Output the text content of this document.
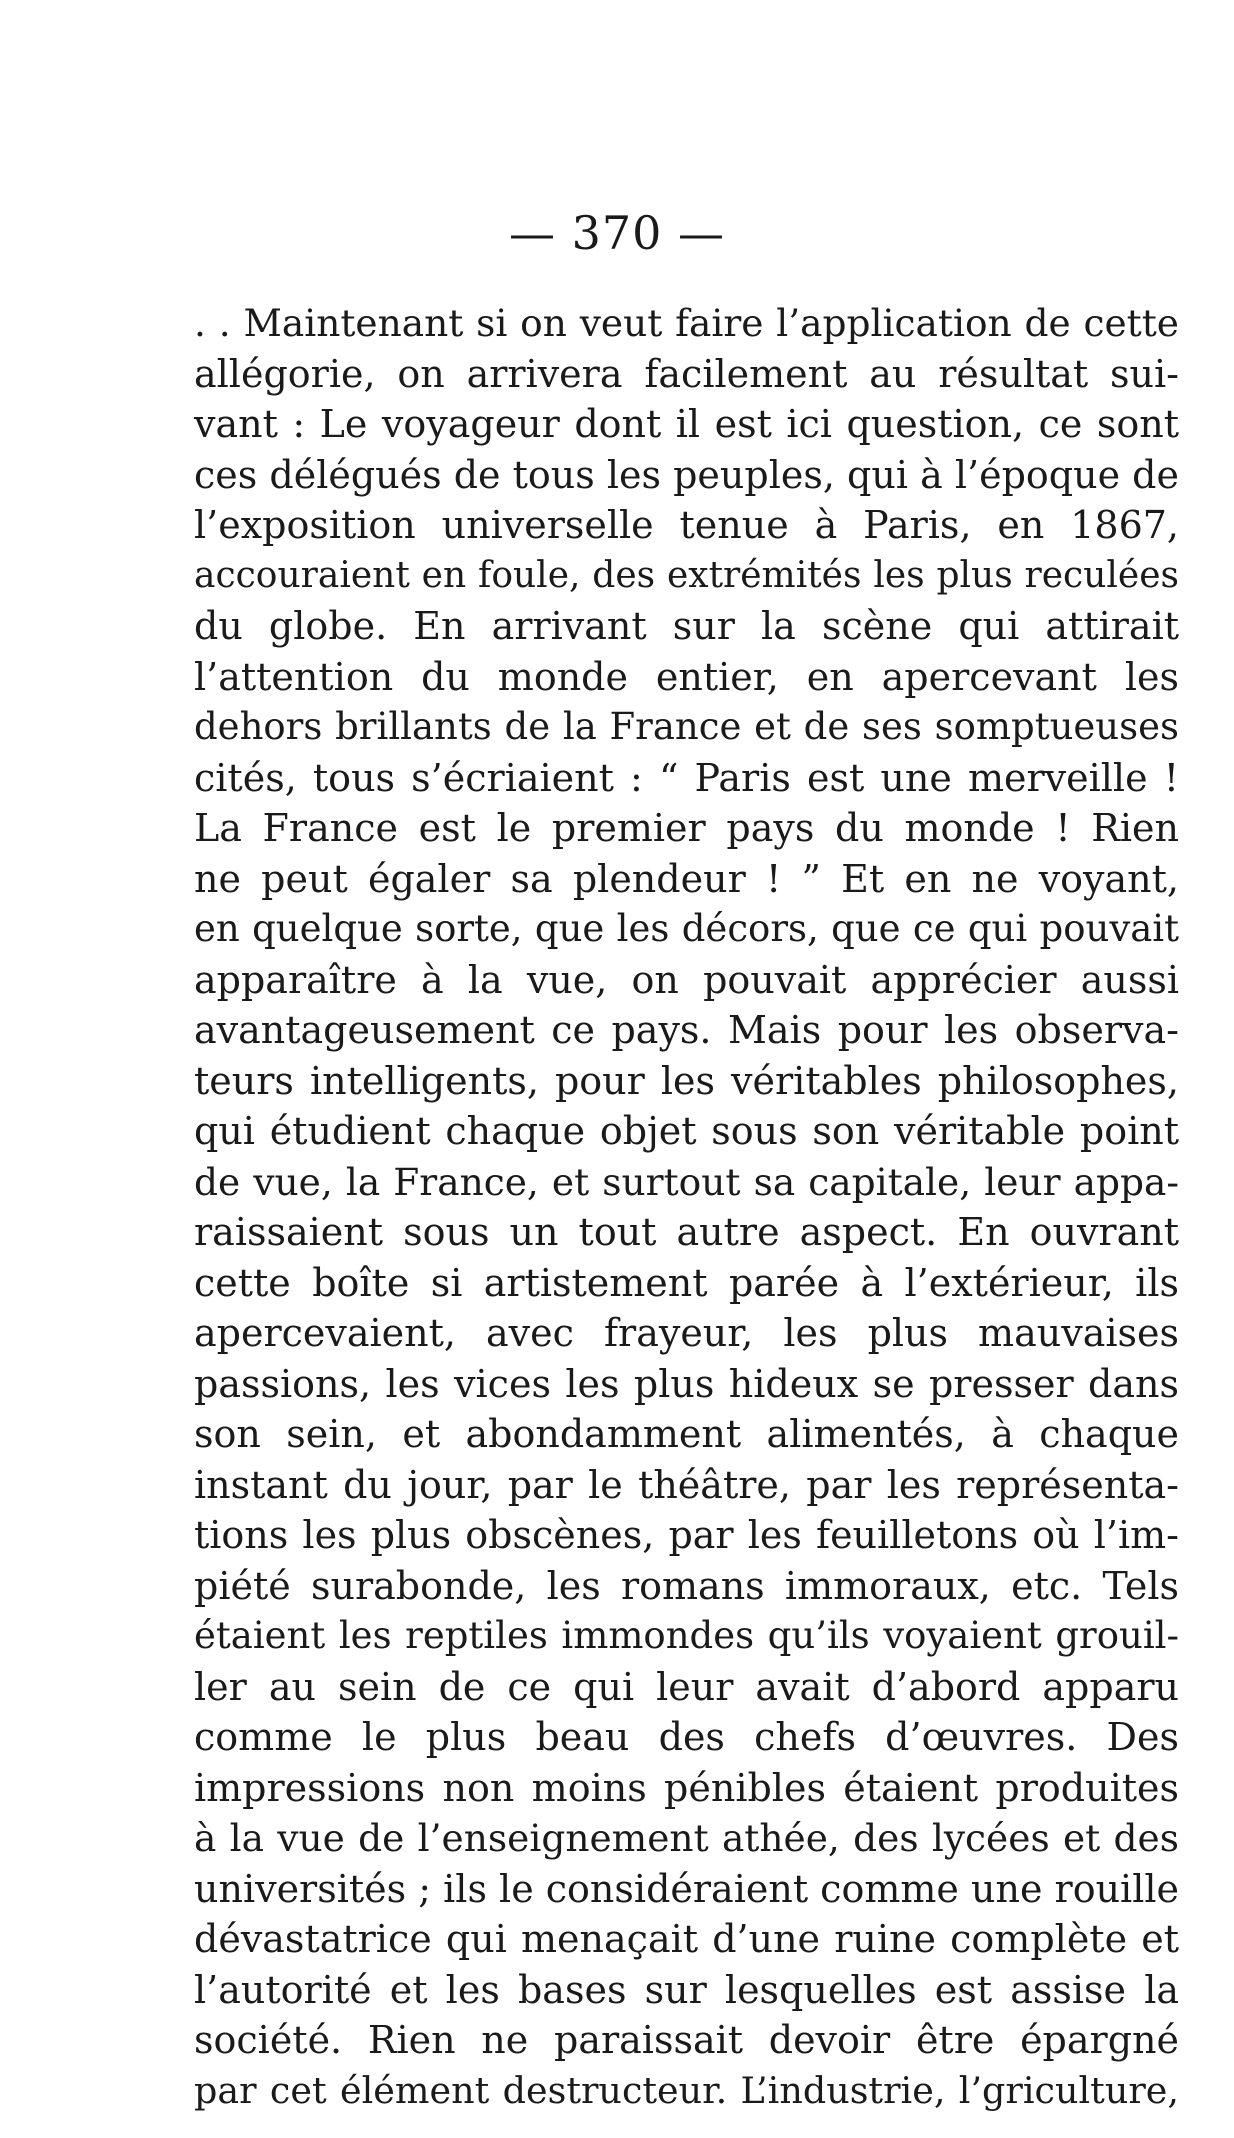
— 370 —
. . Maintenant si on veut faire l’application de cette
allégorie, on arrivera facilement au résultat sui-
vant : Le voyageur dont il est ici question, ce sont
ces délégués de tous les peuples, qui à l’époque de
l’exposition universelle tenue à Paris, en 1867,
accouraient en foule, des extrémités les plus reculées
du globe. En arrivant sur la scène qui attirait
l’attention du monde entier, en apercevant les
dehors brillants de la France et de ses somptueuses
cités, tous s’écriaient : “ Paris est une merveille !
La France est le premier pays du monde ! Rien
ne peut égaler sa plendeur ! ” Et en ne voyant,
en quelque sorte, que les décors, que ce qui pouvait
apparaître à la vue, on pouvait apprécier aussi
avantageusement ce pays. Mais pour les observa-
teurs intelligents, pour les véritables philosophes,
qui étudient chaque objet sous son véritable point
de vue, la France, et surtout sa capitale, leur appa-
raissaient sous un tout autre aspect. En ouvrant
cette boîte si artistement parée à l’extérieur, ils
apercevaient, avec frayeur, les plus mauvaises
passions, les vices les plus hideux se presser dans
son sein, et abondamment alimentés, à chaque
instant du jour, par le théâtre, par les représenta-
tions les plus obscènes, par les feuilletons où l’im-
piété surabonde, les romans immoraux, etc. Tels
étaient les reptiles immondes qu’ils voyaient grouil-
ler au sein de ce qui leur avait d’abord apparu
comme le plus beau des chefs d’œuvres. Des
impressions non moins pénibles étaient produites
à la vue de l’enseignement athée, des lycées et des
universités ; ils le considéraient comme une rouille
dévastatrice qui menaçait d’une ruine complète et
l’autorité et les bases sur lesquelles est assise la
société. Rien ne paraissait devoir être épargné
par cet élément destructeur. L’industrie, l’griculture,
